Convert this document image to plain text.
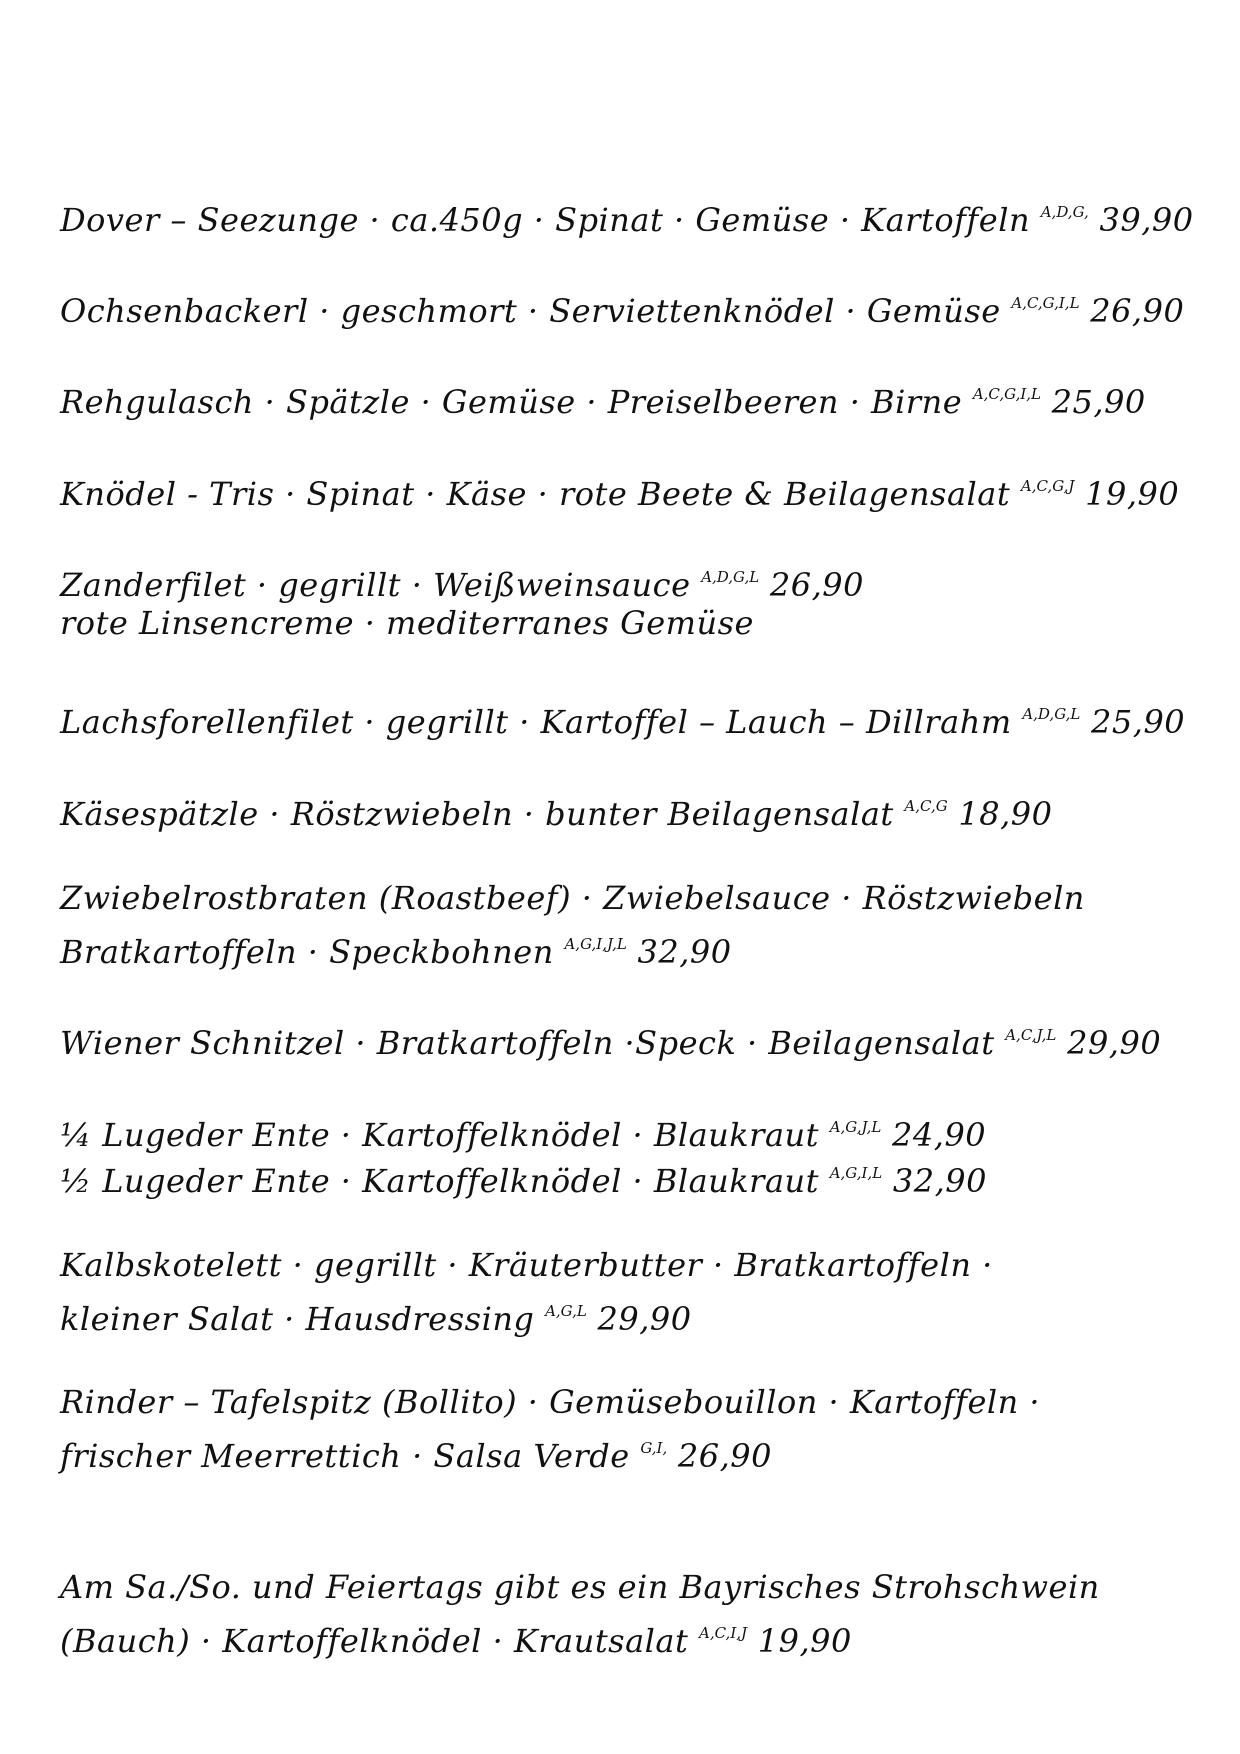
Dover – Seezunge · ca.450g · Spinat · Gemüse · Kartoffeln $^{A,D,G,}$ 39,90

Ochsenbackerl · geschmort · Serviettenknödel · Gemüse $^{A,C,G,I,L}$ 26,90

Rehgulasch · Spätzle · Gemüse · Preiselbeeren · Birne $^{A,C,G,I,L}$ 25,90

Knödel - Tris · Spinat · Käse · rote Beete & Beilagensalat $^{A,C,G,J}$ 19,90

Zanderfilet · gegrillt · Weißweinsauce $^{A,D,G,L}$ 26,90

rote Linsencreme · mediterranes Gemüse

Lachsforellenfilet · gegrillt · Kartoffel – Lauch – Dillrahm $^{A,D,G,L}$ 25,90

Käsespätzle · Röstzwiebeln · bunter Beilagensalat $^{A,C,G}$ 18,90

Zwiebelrostbraten (Roastbeef) · Zwiebelsauce · Röstzwiebeln

Bratkartoffeln · Speckbohnen $^{A,G,I,J,L}$ 32,90

Wiener Schnitzel · Bratkartoffeln ·Speck · Beilagensalat $^{A,C,J,L}$ 29,90

¼ Lugeder Ente · Kartoffelknödel · Blaukraut $^{A,G,J,L}$ 24,90

½ Lugeder Ente · Kartoffelknödel · Blaukraut $^{A,G,I,L}$ 32,90

Kalbskotelett · gegrillt · Kräuterbutter · Bratkartoffeln ·

kleiner Salat · Hausdressing $^{A,G,L}$ 29,90

Rinder – Tafelspitz (Bollito) · Gemüsebouillon · Kartoffeln ·

frischer Meerrettich · Salsa Verde $^{G,I,}$ 26,90

Am Sa./So. und Feiertags gibt es ein Bayrisches Strohschwein

(Bauch) · Kartoffelknödel · Krautsalat $^{A,C,I,J}$ 19,90
